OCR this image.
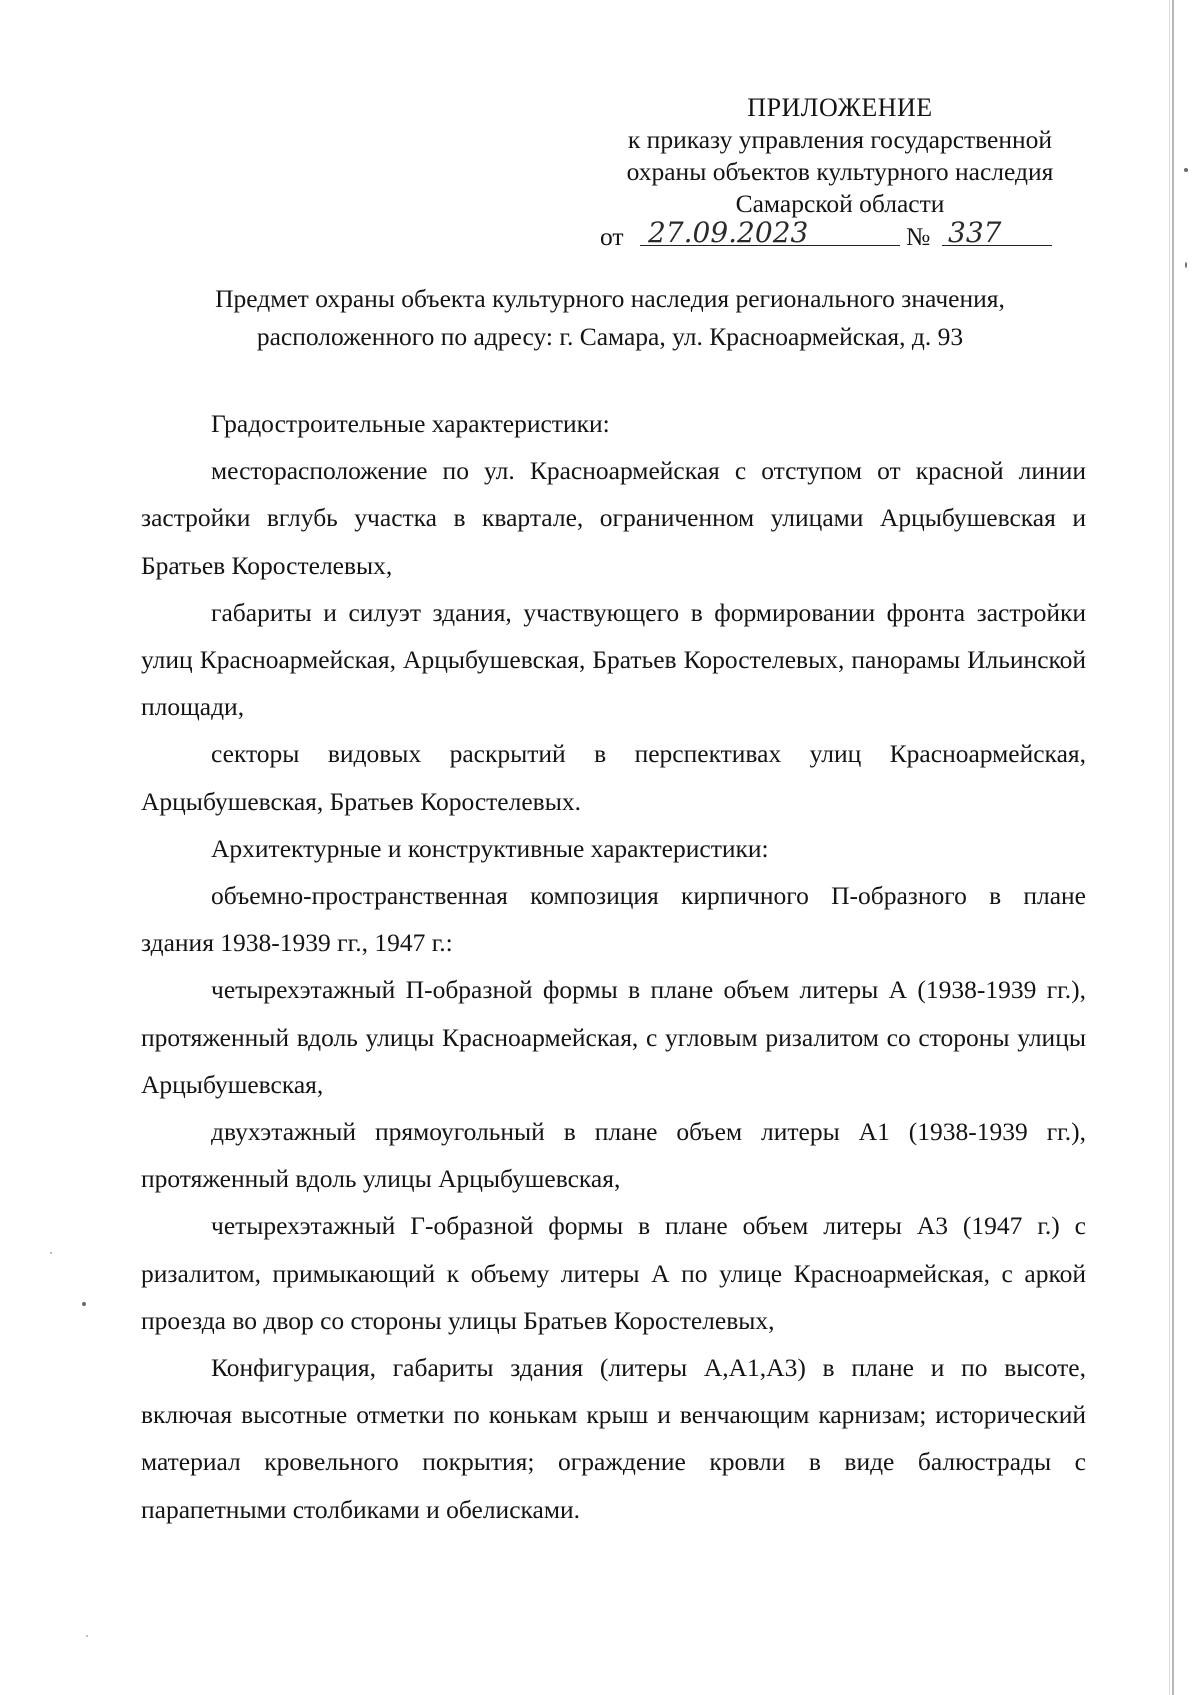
ПРИЛОЖЕНИЕ
к приказу управления государственной
охраны объектов культурного наследия
Самарской области
от 27.09.2023	№ 337
Предмет охраны объекта культурного наследия регионального значения,
расположенного по адресу: г. Самара, ул. Красноармейская, д. 93

Градостроительные характеристики:

месторасположение по ул. Красноармейская с отступом от красной линии застройки вглубь участка в квартале, ограниченном улицами Арцыбушевская и Братьев Коростелевых,

габариты и силуэт здания, участвующего в формировании фронта застройки улиц Красноармейская, Арцыбушевская, Братьев Коростелевых, панорамы Ильинской площади,

секторы видовых раскрытий в перспективах улиц Красноармейская, Арцыбушевская, Братьев Коростелевых.

Архитектурные и конструктивные характеристики:

объемно-пространственная композиция кирпичного П-образного в плане здания 1938-1939 гг., 1947 г.:

четырехэтажный П-образной формы в плане объем литеры А (1938-1939 гг.), протяженный вдоль улицы Красноармейская, с угловым ризалитом со стороны улицы Арцыбушевская,

двухэтажный прямоугольный в плане объем литеры А1 (1938-1939 гг.), протяженный вдоль улицы Арцыбушевская,

четырехэтажный Г-образной формы в плане объем литеры А3 (1947 г.) с ризалитом, примыкающий к объему литеры А по улице Красноармейская, с аркой проезда во двор со стороны улицы Братьев Коростелевых,

Конфигурация, габариты здания (литеры А,А1,А3) в плане и по высоте, включая высотные отметки по конькам крыш и венчающим карнизам; исторический материал кровельного покрытия; ограждение кровли в виде балюстрады с парапетными столбиками и обелисками.
